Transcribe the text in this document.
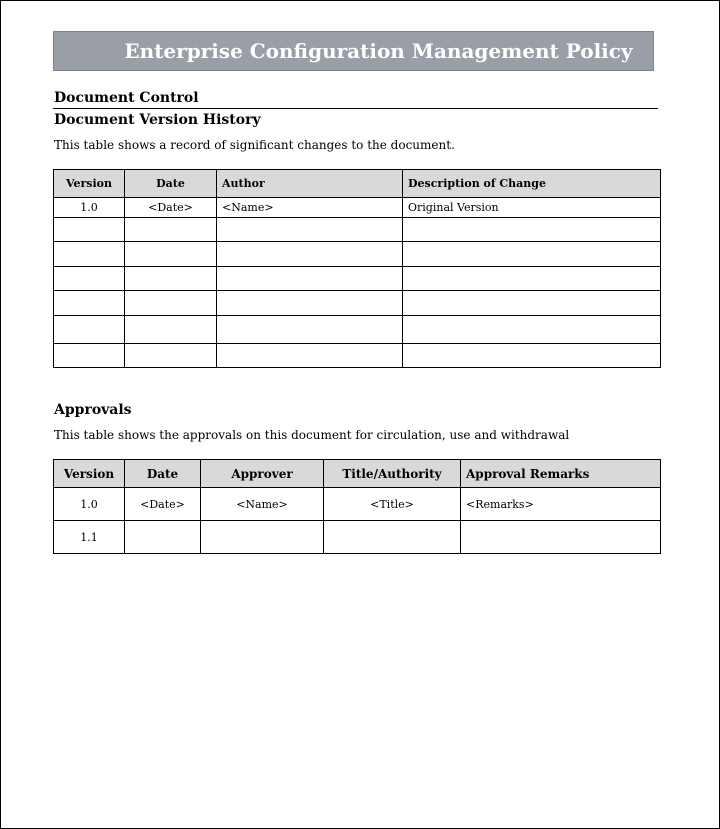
Enterprise Configuration Management Policy
Document Control
Document Version History
This table shows a record of significant changes to the document.
Version	Date	Author	Description of Change
1.0	<Date>	<Name>	Original Version

Approvals
This table shows the approvals on this document for circulation, use and withdrawal
Version	Date	Approver	Title/Authority	Approval Remarks
1.0	<Date>	<Name>	<Title>	<Remarks>
1.1				
